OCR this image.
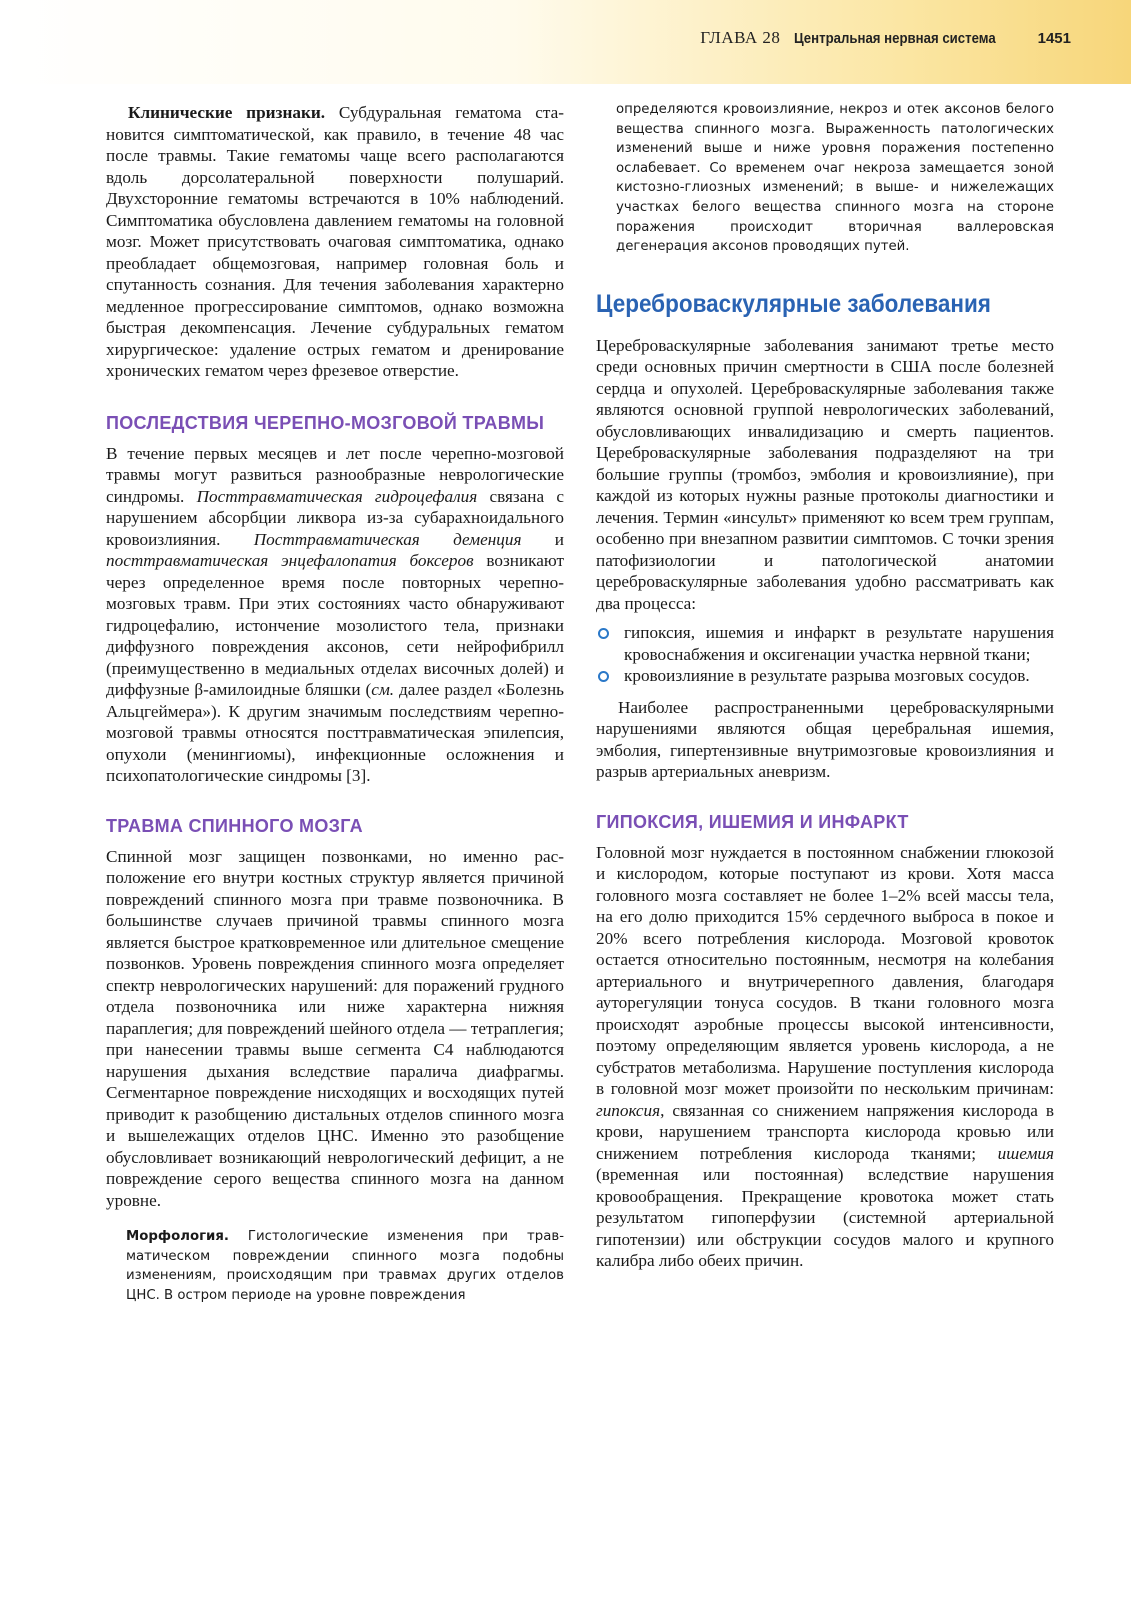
ГЛАВА 28 Центральная нервная система	1451

Клинические признаки. Субдуральная гематома становится симптоматической, как правило, в течение 48 час после травмы. Такие гематомы чаще всего располагаются вдоль дорсолатеральной поверхности полушарий. Двухсторонние гематомы встречаются в 10% наблюдений. Симптоматика обусловлена давлением гематомы на головной мозг. Может присутствовать очаговая симптоматика, однако преобладает общемозговая, например головная боль и спутанность сознания. Для течения заболевания характерно медленное прогрессирование симптомов, однако возможна быстрая декомпенсация. Лечение субдуральных гематом хирургическое: удаление острых гематом и дренирование хронических гематом через фрезевое отверстие.

ПОСЛЕДСТВИЯ ЧЕРЕПНО-МОЗГОВОЙ ТРАВМЫ

В течение первых месяцев и лет после черепно-мозговой травмы могут развиться разнообразные неврологические синдромы. Посттравматическая гидроцефалия связана с нарушением абсорбции ликвора из-за субарахноидального кровоизлияния. Посттравматическая деменция и посттравматическая энцефалопатия боксеров возникают через определенное время после повторных черепно-мозговых травм. При этих состояниях часто обнаруживают гидроцефалию, истончение мозолистого тела, признаки диффузного повреждения аксонов, сети нейрофибрилл (преимущественно в медиальных отделах височных долей) и диффузные β-амилоидные бляшки (см. далее раздел «Болезнь Альцгеймера»). К другим значимым последствиям черепно-мозговой травмы относятся посттравматическая эпилепсия, опухоли (менингиомы), инфекционные осложнения и психопатологические синдромы [3].

ТРАВМА СПИННОГО МОЗГА

Спинной мозг защищен позвонками, но именно расположение его внутри костных структур является причиной повреждений спинного мозга при травме позвоночника. В большинстве случаев причиной травмы спинного мозга является быстрое кратковременное или длительное смещение позвонков. Уровень повреждения спинного мозга определяет спектр неврологических нарушений: для поражений грудного отдела позвоночника или ниже характерна нижняя параплегия; для повреждений шейного отдела — тетраплегия; при нанесении травмы выше сегмента С4 наблюдаются нарушения дыхания вследствие паралича диафрагмы. Сегментарное повреждение нисходящих и восходящих путей приводит к разобщению дистальных отделов спинного мозга и вышележащих отделов ЦНС. Именно это разобщение обусловливает возникающий неврологический дефицит, а не повреждение серого вещества спинного мозга на данном уровне.

Морфология. Гистологические изменения при травматическом повреждении спинного мозга подобны изменениям, происходящим при травмах других отделов ЦНС. В остром периоде на уровне повреждения

определяются кровоизлияние, некроз и отек аксонов белого вещества спинного мозга. Выраженность патологических изменений выше и ниже уровня поражения постепенно ослабевает. Со временем очаг некроза замещается зоной кистозно-глиозных изменений; в выше- и нижележащих участках белого вещества спинного мозга на стороне поражения происходит вторичная валлеровская дегенерация аксонов проводящих путей.

Цереброваскулярные заболевания

Цереброваскулярные заболевания занимают третье место среди основных причин смертности в США после болезней сердца и опухолей. Цереброваскулярные заболевания также являются основной группой неврологических заболеваний, обусловливающих инвалидизацию и смерть пациентов. Цереброваскулярные заболевания подразделяют на три большие группы (тромбоз, эмболия и кровоизлияние), при каждой из которых нужны разные протоколы диагностики и лечения. Термин «инсульт» применяют ко всем трем группам, особенно при внезапном развитии симптомов. С точки зрения патофизиологии и патологической анатомии цереброваскулярные заболевания удобно рассматривать как два процесса:

гипоксия, ишемия и инфаркт в результате нарушения кровоснабжения и оксигенации участка нервной ткани;

кровоизлияние в результате разрыва мозговых сосудов.

Наиболее распространенными цереброваскулярными нарушениями являются общая церебральная ишемия, эмболия, гипертензивные внутримозговые кровоизлияния и разрыв артериальных аневризм.

ГИПОКСИЯ, ИШЕМИЯ И ИНФАРКТ

Головной мозг нуждается в постоянном снабжении глюкозой и кислородом, которые поступают из крови. Хотя масса головного мозга составляет не более 1–2% всей массы тела, на его долю приходится 15% сердечного выброса в покое и 20% всего потребления кислорода. Мозговой кровоток остается относительно постоянным, несмотря на колебания артериального и внутричерепного давления, благодаря ауторегуляции тонуса сосудов. В ткани головного мозга происходят аэробные процессы высокой интенсивности, поэтому определяющим является уровень кислорода, а не субстратов метаболизма. Нарушение поступления кислорода в головной мозг может произойти по нескольким причинам: гипоксия, связанная со снижением напряжения кислорода в крови, нарушением транспорта кислорода кровью или снижением потребления кислорода тканями; ишемия (временная или постоянная) вследствие нарушения кровообращения. Прекращение кровотока может стать результатом гипоперфузии (системной артериальной гипотензии) или обструкции сосудов малого и крупного калибра либо обеих причин.
